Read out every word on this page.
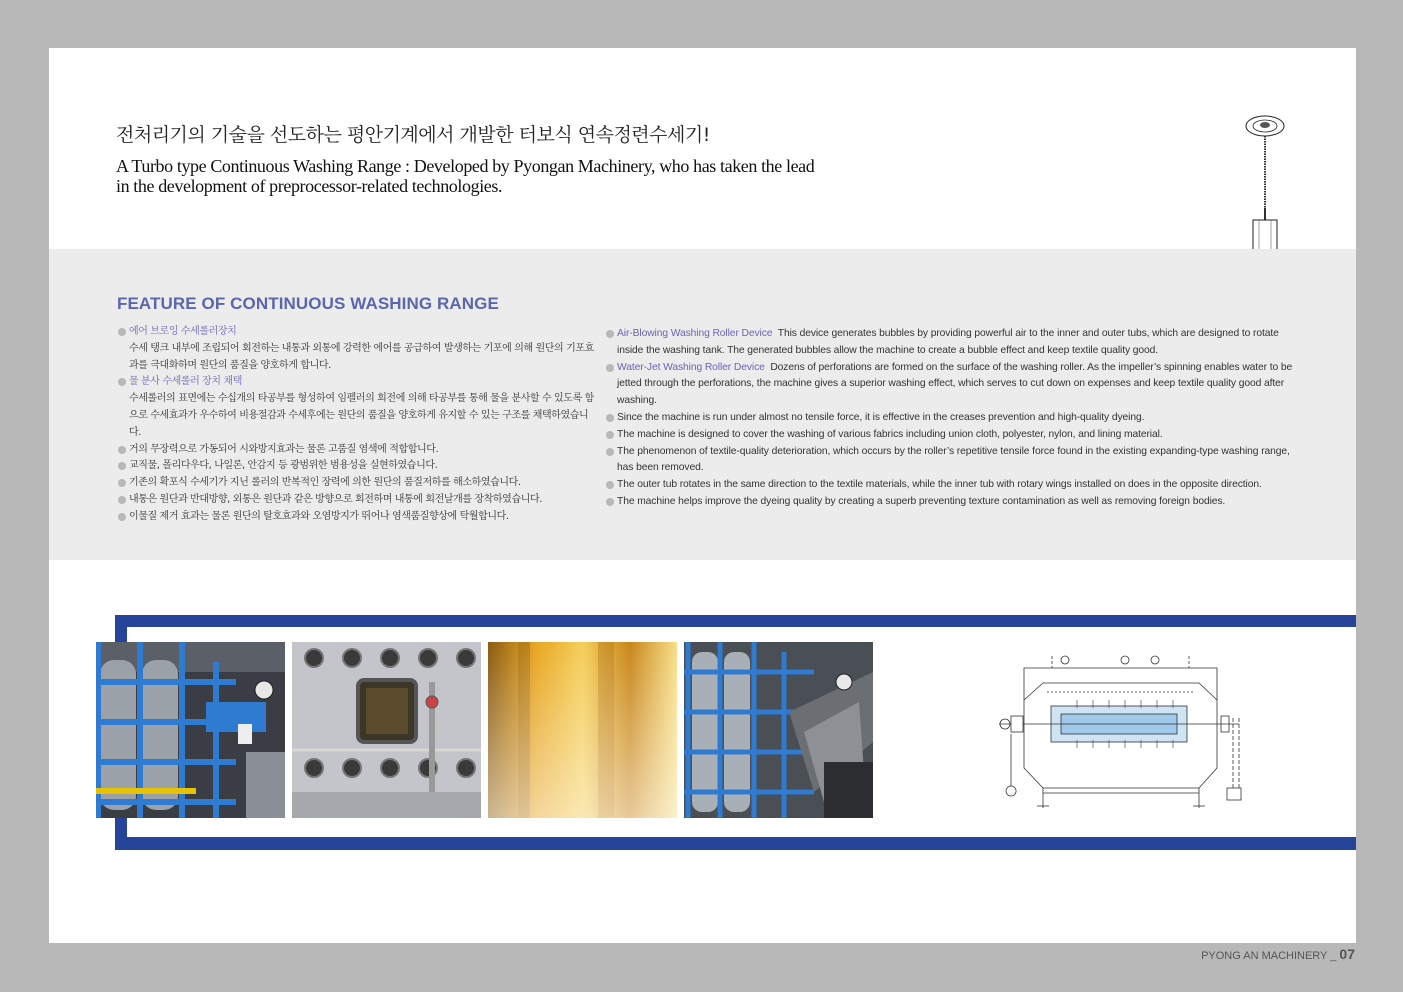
전처리기의 기술을 선도하는 평안기계에서 개발한 터보식 연속정련수세기!
A Turbo type Continuous Washing Range : Developed by Pyongan Machinery, who has taken the lead in the development of preprocessor-related technologies.
FEATURE OF CONTINUOUS WASHING RANGE
에어 브로잉 수세롤러장치
수세 탱크 내부에 조립되어 회전하는 내통과 외통에 강력한 에어를 공급하여 발생하는 기포에 의해 원단의 기포효과를 극대화하며 원단의 품질을 양호하게 합니다.
물 분사 수세롤러 장치 채택
수세롤러의 표면에는 수십개의 타공부를 형성하여 임펠러의 회전에 의해 타공부를 통해 물을 분사할 수 있도록 함으로 수세효과가 우수하여 비용절감과 수세후에는 원단의 품질을 양호하게 유지할 수 있는 구조를 채택하였습니다.
거의 무장력으로 가동되어 시와방지효과는 물론 고품질 염색에 적합합니다.
교직물, 폴리다우다, 나일론, 안감지 등 광범위한 범용성을 실현하였습니다.
기존의 확포식 수세기가 지닌 롤러의 반복적인 장력에 의한 원단의 품질저하를 해소하였습니다.
내통은 원단과 반대방향, 외통은 원단과 같은 방향으로 회전하며 내통에 회전날개를 장착하였습니다.
이물질 제거 효과는 물론 원단의 탈호효과와 오염방지가 뛰어나 염색품질향상에 탁월합니다.
Air-Blowing Washing Roller Device This device generates bubbles by providing powerful air to the inner and outer tubs, which are designed to rotate inside the washing tank. The generated bubbles allow the machine to create a bubble effect and keep textile quality good.
Water-Jet Washing Roller Device Dozens of perforations are formed on the surface of the washing roller. As the impeller’s spinning enables water to be jetted through the perforations, the machine gives a superior washing effect, which serves to cut down on expenses and keep textile quality good after washing.
Since the machine is run under almost no tensile force, it is effective in the creases prevention and high-quality dyeing.
The machine is designed to cover the washing of various fabrics including union cloth, polyester, nylon, and lining material.
The phenomenon of textile-quality deterioration, which occurs by the roller’s repetitive tensile force found in the existing expanding-type washing range, has been removed.
The outer tub rotates in the same direction to the textile materials, while the inner tub with rotary wings installed on does in the opposite direction.
The machine helps improve the dyeing quality by creating a superb preventing texture contamination as well as removing foreign bodies.
PYONG AN MACHINERY _ 07
